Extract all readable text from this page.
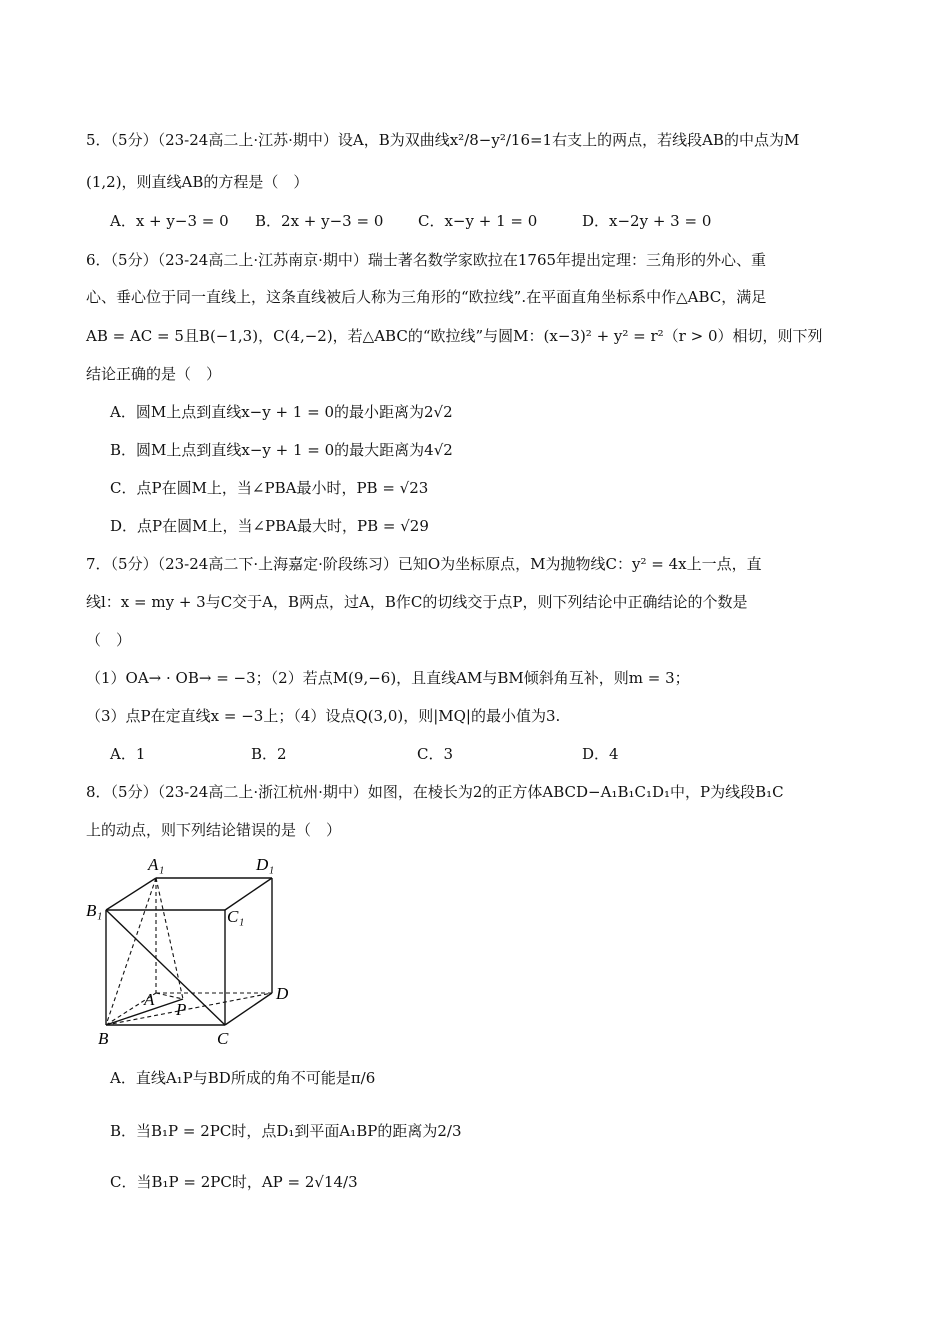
5．（5分）（23-24高二上·江苏·期中）设A，B为双曲线x²/8−y²/16=1右支上的两点，若线段AB的中点为M
(1,2)，则直线AB的方程是（　）
A．x + y−3 = 0 B．2x + y−3 = 0 C．x−y + 1 = 0	D．x−2y + 3 = 0
6．（5分）（23-24高二上·江苏南京·期中）瑞士著名数学家欧拉在1765年提出定理：三角形的外心、重
心、垂心位于同一直线上，这条直线被后人称为三角形的“欧拉线”.在平面直角坐标系中作△ABC，满足
AB = AC = 5且B(−1,3)，C(4,−2)，若△ABC的“欧拉线”与圆M：(x−3)² + y² = r²（r > 0）相切，则下列
结论正确的是（　）
A．圆M上点到直线x−y + 1 = 0的最小距离为2√2
B．圆M上点到直线x−y + 1 = 0的最大距离为4√2
C．点P在圆M上，当∠PBA最小时，PB = √23
D．点P在圆M上，当∠PBA最大时，PB = √29
7．（5分）（23-24高二下·上海嘉定·阶段练习）已知O为坐标原点，M为抛物线C：y² = 4x上一点，直
线l：x = my + 3与C交于A，B两点，过A，B作C的切线交于点P，则下列结论中正确结论的个数是
（　）
（1）OA→ · OB→ = −3；（2）若点M(9,−6)，且直线AM与BM倾斜角互补，则m = 3；
（3）点P在定直线x = −3上；（4）设点Q(3,0)，则|MQ|的最小值为3.
A．1	B．2	C．3	D．4
8．（5分）（23-24高二上·浙江杭州·期中）如图，在棱长为2的正方体ABCD−A₁B₁C₁D₁中，P为线段B₁C
上的动点，则下列结论错误的是（　）
A₁	D₁
B₁	C₁
A
P
D
B	C
A．直线A₁P与BD所成的角不可能是π/6
B．当B₁P = 2PC时，点D₁到平面A₁BP的距离为2/3
C．当B₁P = 2PC时，AP = 2√14/3
